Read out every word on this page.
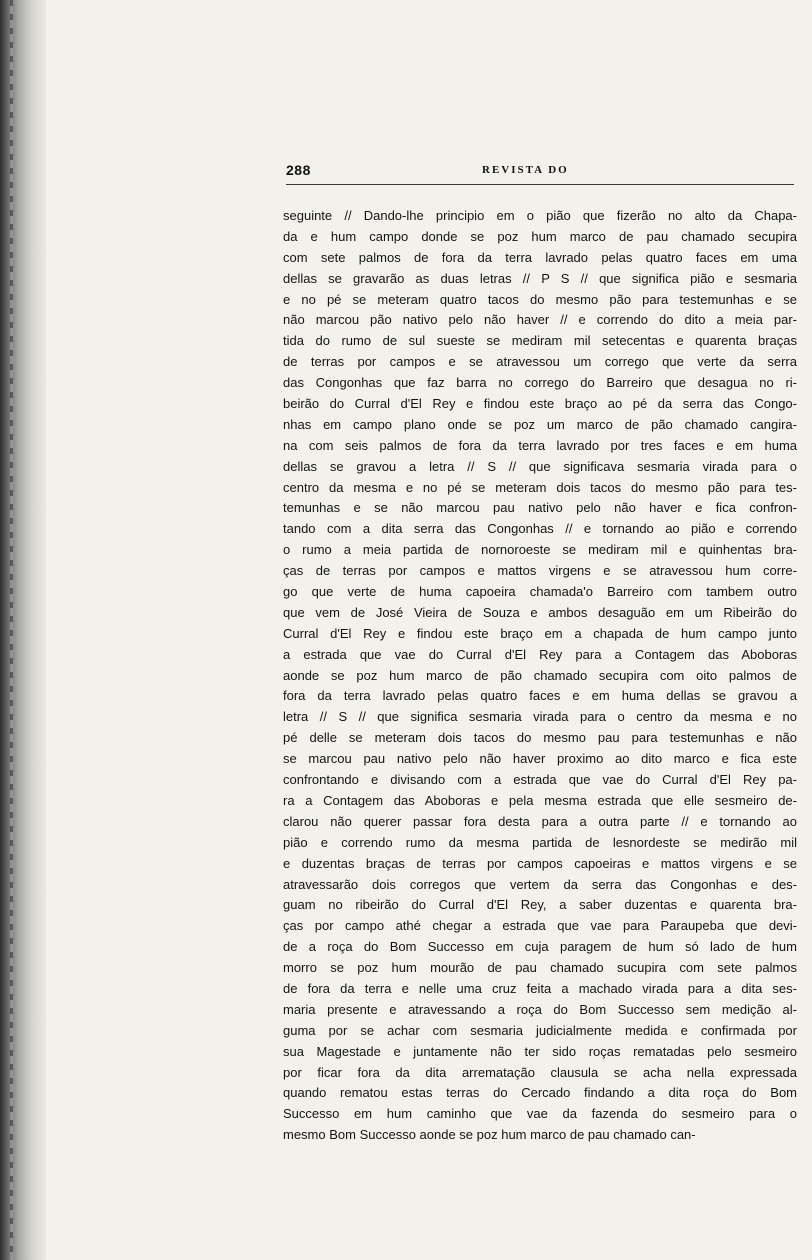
288	REVISTA DO
seguinte // Dando-lhe principio em o pião que fizerão no alto da Chapa-
da e hum campo donde se poz hum marco de pau chamado secupira
com sete palmos de fora da terra lavrado pelas quatro faces em uma
dellas se gravarão as duas letras // P S // que significa pião e sesmaria
e no pé se meteram quatro tacos do mesmo pão para testemunhas e se
não marcou pão nativo pelo não haver // e correndo do dito a meia par-
tida do rumo de sul sueste se mediram mil setecentas e quarenta braças
de terras por campos e se atravessou um corrego que verte da serra
das Congonhas que faz barra no corrego do Barreiro que desagua no ri-
beirão do Curral d'El Rey e findou este braço ao pé da serra das Congo-
nhas em campo plano onde se poz um marco de pão chamado cangira-
na com seis palmos de fora da terra lavrado por tres faces e em huma
dellas se gravou a letra // S // que significava sesmaria virada para o
centro da mesma e no pé se meteram dois tacos do mesmo pão para tes-
temunhas e se não marcou pau nativo pelo não haver e fica confron-
tando com a dita serra das Congonhas // e tornando ao pião e correndo
o rumo a meia partida de nornoroeste se mediram mil e quinhentas bra-
ças de terras por campos e mattos virgens e se atravessou hum corre-
go que verte de huma capoeira chamada'o Barreiro com tambem outro
que vem de José Vieira de Souza e ambos desaguão em um Ribeirão do
Curral d'El Rey e findou este braço em a chapada de hum campo junto
a estrada que vae do Curral d'El Rey para a Contagem das Aboboras
aonde se poz hum marco de pão chamado secupira com oito palmos de
fora da terra lavrado pelas quatro faces e em huma dellas se gravou a
letra // S // que significa sesmaria virada para o centro da mesma e no
pé delle se meteram dois tacos do mesmo pau para testemunhas e não
se marcou pau nativo pelo não haver proximo ao dito marco e fica este
confrontando e divisando com a estrada que vae do Curral d'El Rey pa-
ra a Contagem das Aboboras e pela mesma estrada que elle sesmeiro de-
clarou não querer passar fora desta para a outra parte // e tornando ao
pião e correndo rumo da mesma partida de lesnordeste se medirão mil
e duzentas braças de terras por campos capoeiras e mattos virgens e se
atravessarão dois corregos que vertem da serra das Congonhas e des-
guam no ribeirão do Curral d'El Rey, a saber duzentas e quarenta bra-
ças por campo athé chegar a estrada que vae para Paraupeba que devi-
de a roça do Bom Successo em cuja paragem de hum só lado de hum
morro se poz hum mourão de pau chamado sucupira com sete palmos
de fora da terra e nelle uma cruz feita a machado virada para a dita ses-
maria presente e atravessando a roça do Bom Successo sem medição al-
guma por se achar com sesmaria judicialmente medida e confirmada por
sua Magestade e juntamente não ter sido roças rematadas pelo sesmeiro
por ficar fora da dita arrematação clausula se acha nella expressada
quando rematou estas terras do Cercado findando a dita roça do Bom
Successo em hum caminho que vae da fazenda do sesmeiro para o
mesmo Bom Successo aonde se poz hum marco de pau chamado can-
